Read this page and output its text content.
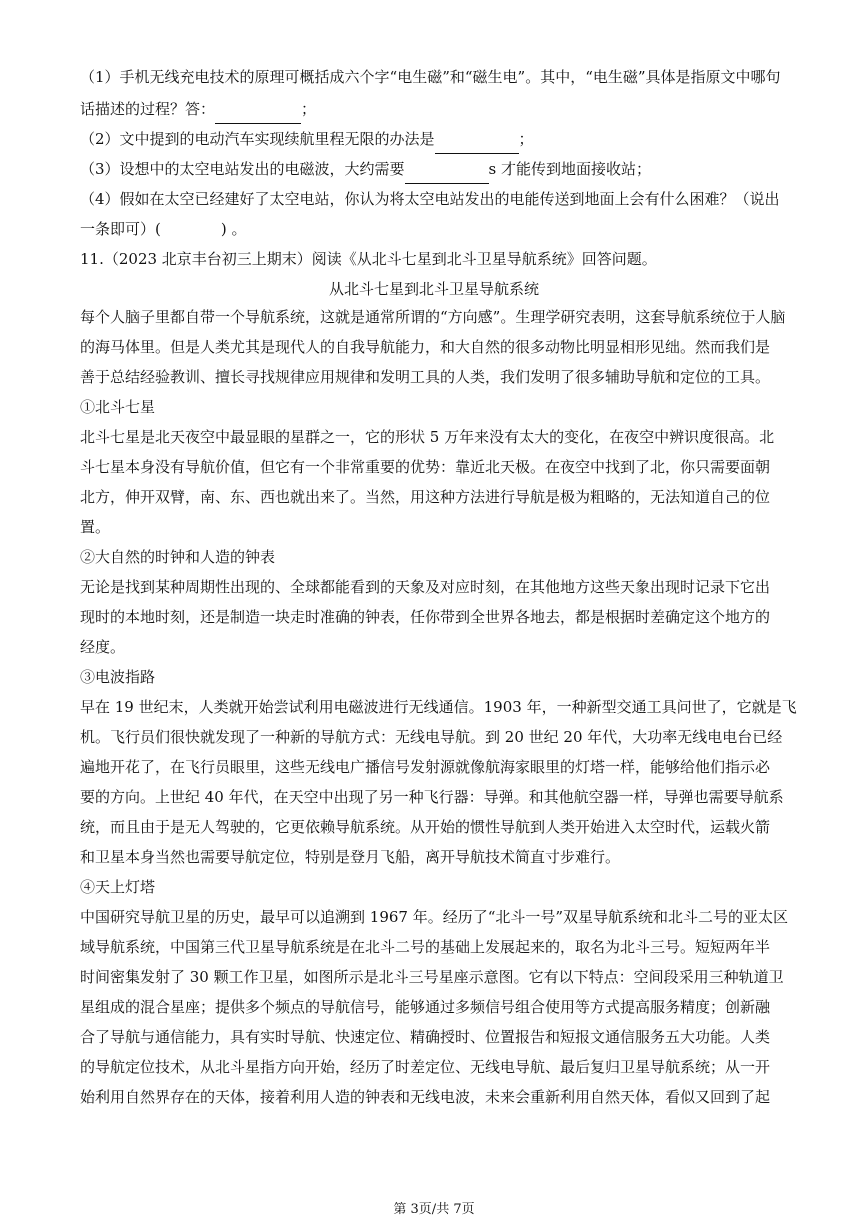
（1）手机无线充电技术的原理可概括成六个字“电生磁”和“磁生电”。其中，“电生磁”具体是指原文中哪句
话描述的过程？答：	；
（2）文中提到的电动汽车实现续航里程无限的办法是	；
（3）设想中的太空电站发出的电磁波，大约需要	s 才能传到地面接收站；
（4）假如在太空已经建好了太空电站，你认为将太空电站发出的电能传送到地面上会有什么困难？（说出
一条即可）(	) 。
11.（2023 北京丰台初三上期末）阅读《从北斗七星到北斗卫星导航系统》回答问题。
从北斗七星到北斗卫星导航系统
每个人脑子里都自带一个导航系统，这就是通常所谓的“方向感”。生理学研究表明，这套导航系统位于人脑
的海马体里。但是人类尤其是现代人的自我导航能力，和大自然的很多动物比明显相形见绌。然而我们是
善于总结经验教训、擅长寻找规律应用规律和发明工具的人类，我们发明了很多辅助导航和定位的工具。
①北斗七星
北斗七星是北天夜空中最显眼的星群之一，它的形状 5 万年来没有太大的变化，在夜空中辨识度很高。北
斗七星本身没有导航价值，但它有一个非常重要的优势：靠近北天极。在夜空中找到了北，你只需要面朝
北方，伸开双臂，南、东、西也就出来了。当然，用这种方法进行导航是极为粗略的，无法知道自己的位
置。
②大自然的时钟和人造的钟表
无论是找到某种周期性出现的、全球都能看到的天象及对应时刻，在其他地方这些天象出现时记录下它出
现时的本地时刻，还是制造一块走时准确的钟表，任你带到全世界各地去，都是根据时差确定这个地方的
经度。
③电波指路
早在 19 世纪末，人类就开始尝试利用电磁波进行无线通信。1903 年，一种新型交通工具问世了，它就是飞
机。飞行员们很快就发现了一种新的导航方式：无线电导航。到 20 世纪 20 年代，大功率无线电电台已经
遍地开花了，在飞行员眼里，这些无线电广播信号发射源就像航海家眼里的灯塔一样，能够给他们指示必
要的方向。上世纪 40 年代，在天空中出现了另一种飞行器：导弹。和其他航空器一样，导弹也需要导航系
统，而且由于是无人驾驶的，它更依赖导航系统。从开始的惯性导航到人类开始进入太空时代，运载火箭
和卫星本身当然也需要导航定位，特别是登月飞船，离开导航技术简直寸步难行。
④天上灯塔
中国研究导航卫星的历史，最早可以追溯到 1967 年。经历了“北斗一号”双星导航系统和北斗二号的亚太区
域导航系统，中国第三代卫星导航系统是在北斗二号的基础上发展起来的，取名为北斗三号。短短两年半
时间密集发射了 30 颗工作卫星，如图所示是北斗三号星座示意图。它有以下特点：空间段采用三种轨道卫
星组成的混合星座；提供多个频点的导航信号，能够通过多频信号组合使用等方式提高服务精度；创新融
合了导航与通信能力，具有实时导航、快速定位、精确授时、位置报告和短报文通信服务五大功能。人类
的导航定位技术，从北斗星指方向开始，经历了时差定位、无线电导航、最后复归卫星导航系统；从一开
始利用自然界存在的天体，接着利用人造的钟表和无线电波，未来会重新利用自然天体，看似又回到了起
第 3页/共 7页
